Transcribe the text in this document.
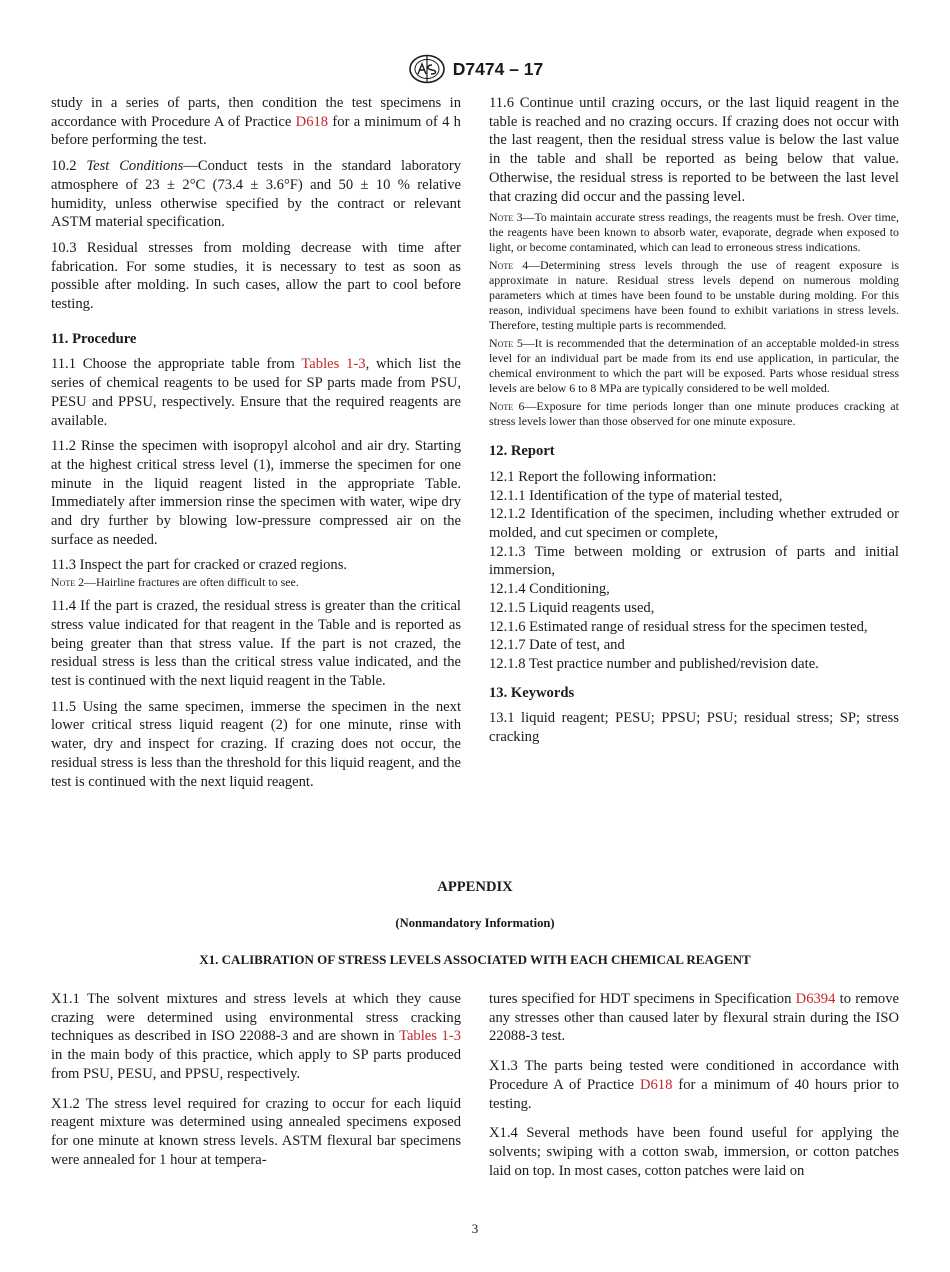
D7474 – 17

study in a series of parts, then condition the test specimens in accordance with Procedure A of Practice D618 for a minimum of 4 h before performing the test.

10.2 Test Conditions—Conduct tests in the standard laboratory atmosphere of 23 ± 2°C (73.4 ± 3.6°F) and 50 ± 10 % relative humidity, unless otherwise specified by the contract or relevant ASTM material specification.

10.3 Residual stresses from molding decrease with time after fabrication. For some studies, it is necessary to test as soon as possible after molding. In such cases, allow the part to cool before testing.

11. Procedure

11.1 Choose the appropriate table from Tables 1-3, which list the series of chemical reagents to be used for SP parts made from PSU, PESU and PPSU, respectively. Ensure that the required reagents are available.

11.2 Rinse the specimen with isopropyl alcohol and air dry. Starting at the highest critical stress level (1), immerse the specimen for one minute in the liquid reagent listed in the appropriate Table. Immediately after immersion rinse the specimen with water, wipe dry and dry further by blowing low-pressure compressed air on the surface as needed.

11.3 Inspect the part for cracked or crazed regions.

Note 2—Hairline fractures are often difficult to see.

11.4 If the part is crazed, the residual stress is greater than the critical stress value indicated for that reagent in the Table and is reported as being greater than that stress value. If the part is not crazed, the residual stress is less than the critical stress value indicated, and the test is continued with the next liquid reagent in the Table.

11.5 Using the same specimen, immerse the specimen in the next lower critical stress liquid reagent (2) for one minute, rinse with water, dry and inspect for crazing. If crazing does not occur, the residual stress is less than the threshold for this liquid reagent, and the test is continued with the next liquid reagent.

11.6 Continue until crazing occurs, or the last liquid reagent in the table is reached and no crazing occurs. If crazing does not occur with the last reagent, then the residual stress value is below the last value in the table and shall be reported as being below that value. Otherwise, the residual stress is reported to be between the last level that crazing did occur and the passing level.

Note 3—To maintain accurate stress readings, the reagents must be fresh. Over time, the reagents have been known to absorb water, evaporate, degrade when exposed to light, or become contaminated, which can lead to erroneous stress indications.

Note 4—Determining stress levels through the use of reagent exposure is approximate in nature. Residual stress levels depend on numerous molding parameters which at times have been found to be unstable during molding. For this reason, individual specimens have been found to exhibit variations in stress levels. Therefore, testing multiple parts is recommended.

Note 5—It is recommended that the determination of an acceptable molded-in stress level for an individual part be made from its end use application, in particular, the chemical environment to which the part will be exposed. Parts whose residual stress levels are below 6 to 8 MPa are typically considered to be well molded.

Note 6—Exposure for time periods longer than one minute produces cracking at stress levels lower than those observed for one minute exposure.

12. Report

12.1 Report the following information:

12.1.1 Identification of the type of material tested,

12.1.2 Identification of the specimen, including whether extruded or molded, and cut specimen or complete,

12.1.3 Time between molding or extrusion of parts and initial immersion,

12.1.4 Conditioning,

12.1.5 Liquid reagents used,

12.1.6 Estimated range of residual stress for the specimen tested,

12.1.7 Date of test, and

12.1.8 Test practice number and published/revision date.

13. Keywords

13.1 liquid reagent; PESU; PPSU; PSU; residual stress; SP; stress cracking

APPENDIX
(Nonmandatory Information)
X1. CALIBRATION OF STRESS LEVELS ASSOCIATED WITH EACH CHEMICAL REAGENT

X1.1 The solvent mixtures and stress levels at which they cause crazing were determined using environmental stress cracking techniques as described in ISO 22088-3 and are shown in Tables 1-3 in the main body of this practice, which apply to SP parts produced from PSU, PESU, and PPSU, respectively.

X1.2 The stress level required for crazing to occur for each liquid reagent mixture was determined using annealed specimens exposed for one minute at known stress levels. ASTM flexural bar specimens were annealed for 1 hour at tempera-

tures specified for HDT specimens in Specification D6394 to remove any stresses other than caused later by flexural strain during the ISO 22088-3 test.

X1.3 The parts being tested were conditioned in accordance with Procedure A of Practice D618 for a minimum of 40 hours prior to testing.

X1.4 Several methods have been found useful for applying the solvents; swiping with a cotton swab, immersion, or cotton patches laid on top. In most cases, cotton patches were laid on

3
